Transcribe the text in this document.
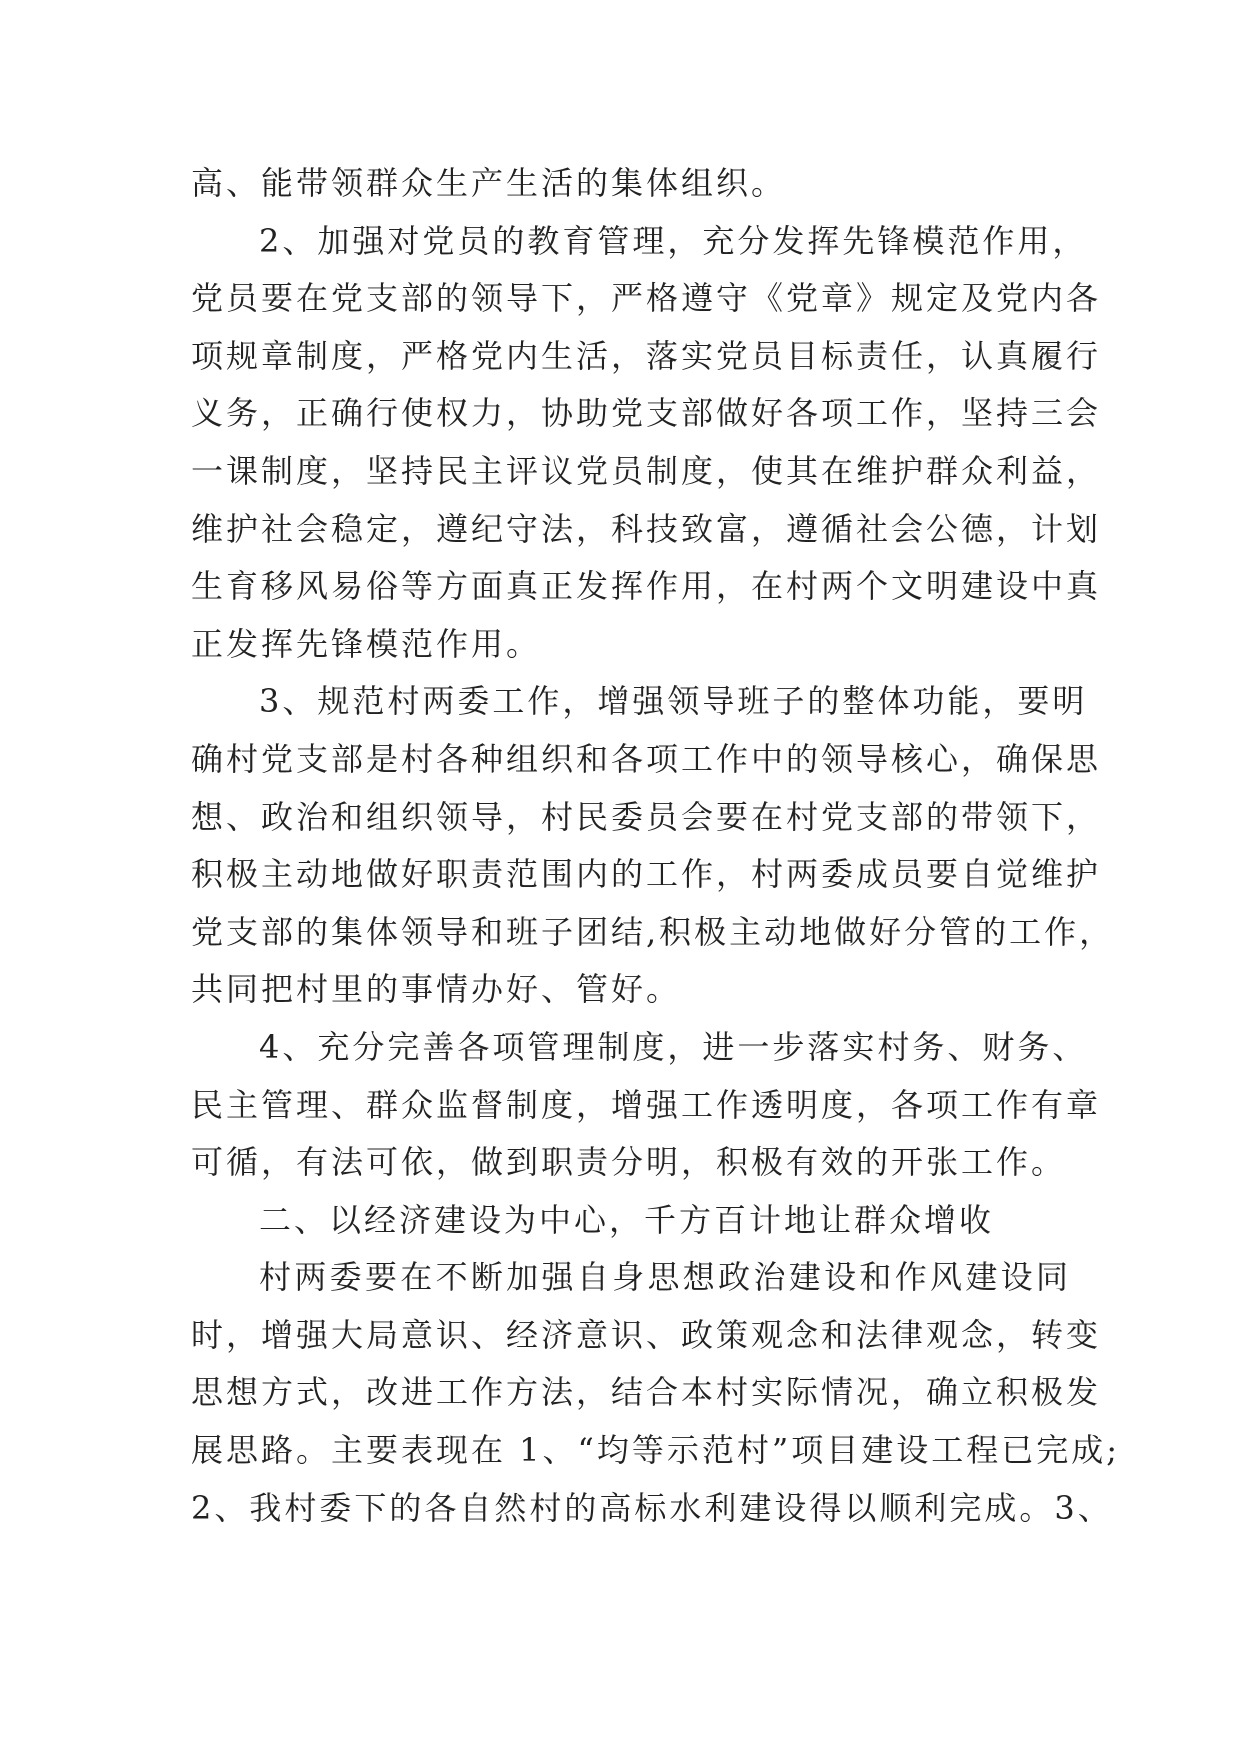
高、能带领群众生产生活的集体组织。
2、加强对党员的教育管理，充分发挥先锋模范作用，
党员要在党支部的领导下，严格遵守《党章》规定及党内各
项规章制度，严格党内生活，落实党员目标责任，认真履行
义务，正确行使权力，协助党支部做好各项工作，坚持三会
一课制度，坚持民主评议党员制度，使其在维护群众利益，
维护社会稳定，遵纪守法，科技致富，遵循社会公德，计划
生育移风易俗等方面真正发挥作用，在村两个文明建设中真
正发挥先锋模范作用。
3、规范村两委工作，增强领导班子的整体功能，要明
确村党支部是村各种组织和各项工作中的领导核心，确保思
想、政治和组织领导，村民委员会要在村党支部的带领下，
积极主动地做好职责范围内的工作，村两委成员要自觉维护
党支部的集体领导和班子团结,积极主动地做好分管的工作，
共同把村里的事情办好、管好。
4、充分完善各项管理制度，进一步落实村务、财务、
民主管理、群众监督制度，增强工作透明度，各项工作有章
可循，有法可依，做到职责分明，积极有效的开张工作。
二、以经济建设为中心，千方百计地让群众增收
村两委要在不断加强自身思想政治建设和作风建设同
时，增强大局意识、经济意识、政策观念和法律观念，转变
思想方式，改进工作方法，结合本村实际情况，确立积极发
展思路。主要表现在 1、“均等示范村”项目建设工程已完成;
2、我村委下的各自然村的高标水利建设得以顺利完成。3、
